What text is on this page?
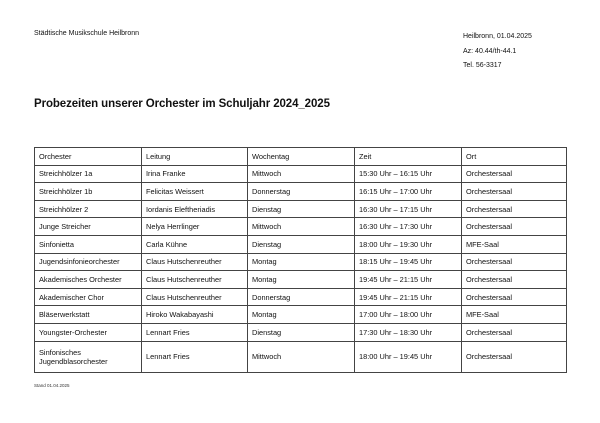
Städtische Musikschule Heilbronn	Heilbronn, 01.04.2025
Az: 40.44/th-44.1
Tel. 56-3317
Probezeiten unserer Orchester im Schuljahr 2024_2025
Orchester	Leitung	Wochentag	Zeit	Ort
Streichhölzer 1a	Irina Franke	Mittwoch	15:30 Uhr – 16:15 Uhr	Orchestersaal
Streichhölzer 1b	Felicitas Weissert	Donnerstag	16:15 Uhr – 17:00 Uhr	Orchestersaal
Streichhölzer 2	Iordanis Eleftheriadis	Dienstag	16:30 Uhr – 17:15 Uhr	Orchestersaal
Junge Streicher	Nelya Herrlinger	Mittwoch	16:30 Uhr – 17:30 Uhr	Orchestersaal
Sinfonietta	Carla Kühne	Dienstag	18:00 Uhr – 19:30 Uhr	MFE-Saal
Jugendsinfonieorchester	Claus Hutschenreuther	Montag	18:15 Uhr – 19:45 Uhr	Orchestersaal
Akademisches Orchester	Claus Hutschenreuther	Montag	19:45 Uhr – 21:15 Uhr	Orchestersaal
Akademischer Chor	Claus Hutschenreuther	Donnerstag	19:45 Uhr – 21:15 Uhr	Orchestersaal
Bläserwerkstatt	Hiroko Wakabayashi	Montag	17:00 Uhr – 18:00 Uhr	MFE-Saal
Youngster-Orchester	Lennart Fries	Dienstag	17:30 Uhr – 18:30 Uhr	Orchestersaal
Sinfonisches Jugendblasorchester	Lennart Fries	Mittwoch	18:00 Uhr – 19:45 Uhr	Orchestersaal
Stand 01.04.2025
